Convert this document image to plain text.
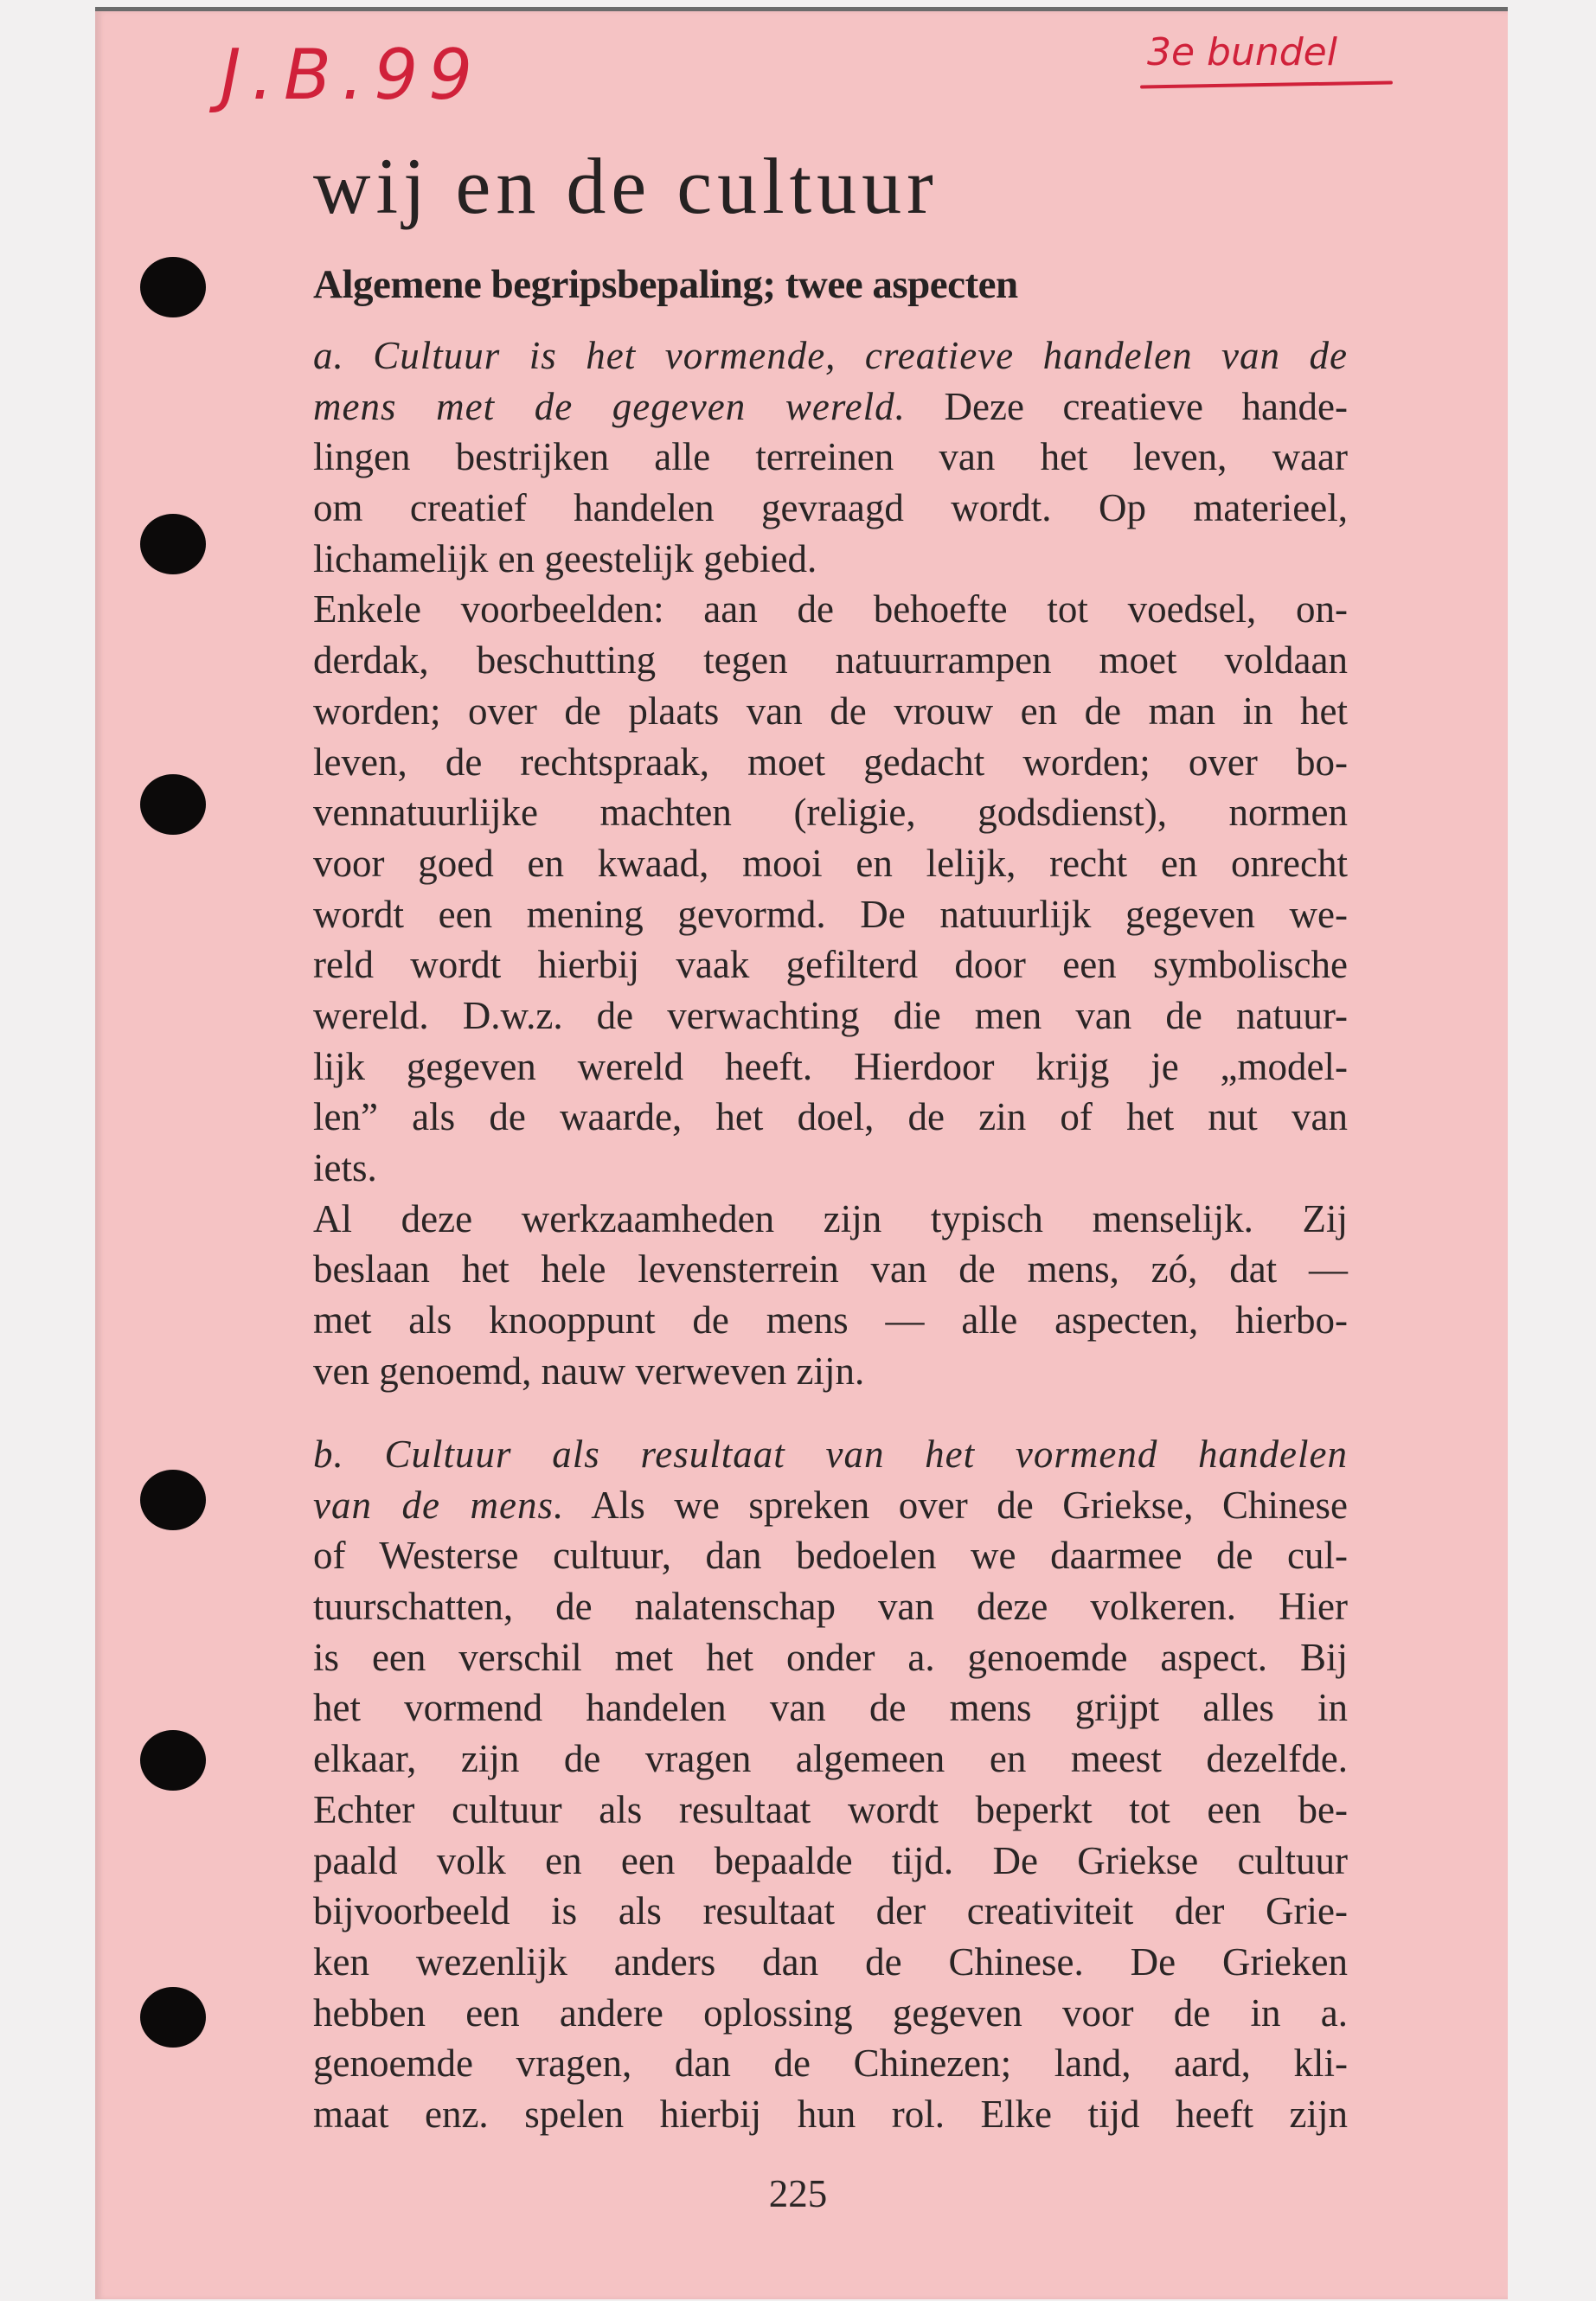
J.B.99	3e bundel
wij en de cultuur
Algemene begripsbepaling; twee aspecten
a. Cultuur is het vormende, creatieve handelen van de
mens met de gegeven wereld. Deze creatieve hande-
lingen bestrijken alle terreinen van het leven, waar
om creatief handelen gevraagd wordt. Op materieel,
lichamelijk en geestelijk gebied.
Enkele voorbeelden: aan de behoefte tot voedsel, on-
derdak, beschutting tegen natuurrampen moet voldaan
worden; over de plaats van de vrouw en de man in het
leven, de rechtspraak, moet gedacht worden; over bo-
vennatuurlijke machten (religie, godsdienst), normen
voor goed en kwaad, mooi en lelijk, recht en onrecht
wordt een mening gevormd. De natuurlijk gegeven we-
reld wordt hierbij vaak gefilterd door een symbolische
wereld. D.w.z. de verwachting die men van de natuur-
lijk gegeven wereld heeft. Hierdoor krijg je „model-
len” als de waarde, het doel, de zin of het nut van
iets.
Al deze werkzaamheden zijn typisch menselijk. Zij
beslaan het hele levensterrein van de mens, zó, dat —
met als knooppunt de mens — alle aspecten, hierbo-
ven genoemd, nauw verweven zijn.
b. Cultuur als resultaat van het vormend handelen
van de mens. Als we spreken over de Griekse, Chinese
of Westerse cultuur, dan bedoelen we daarmee de cul-
tuurschatten, de nalatenschap van deze volkeren. Hier
is een verschil met het onder a. genoemde aspect. Bij
het vormend handelen van de mens grijpt alles in
elkaar, zijn de vragen algemeen en meest dezelfde.
Echter cultuur als resultaat wordt beperkt tot een be-
paald volk en een bepaalde tijd. De Griekse cultuur
bijvoorbeeld is als resultaat der creativiteit der Grie-
ken wezenlijk anders dan de Chinese. De Grieken
hebben een andere oplossing gegeven voor de in a.
genoemde vragen, dan de Chinezen; land, aard, kli-
maat enz. spelen hierbij hun rol. Elke tijd heeft zijn
225
